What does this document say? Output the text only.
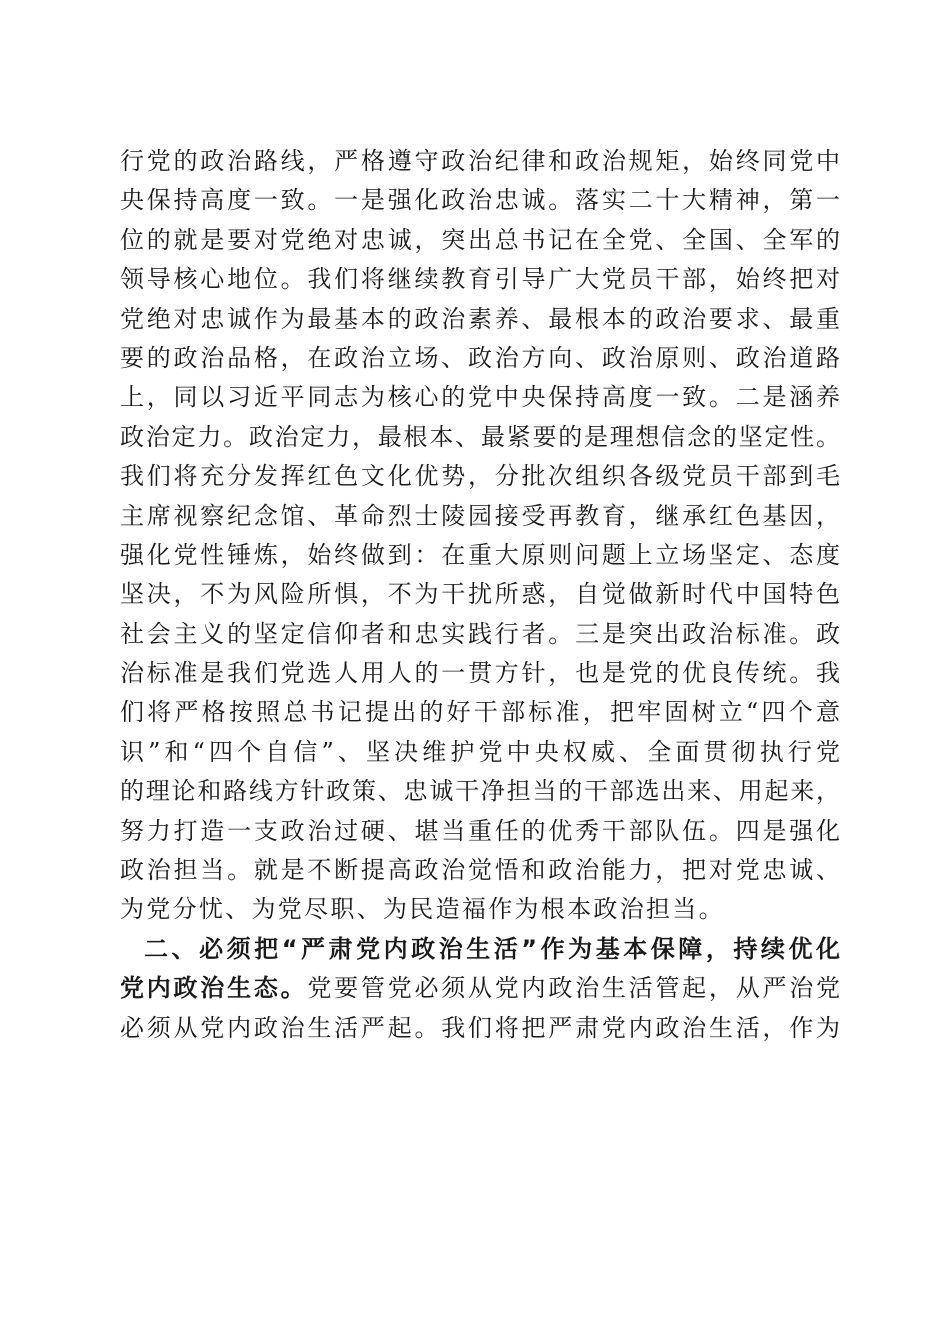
行党的政治路线，严格遵守政治纪律和政治规矩，始终同党中
央保持高度一致。一是强化政治忠诚。落实二十大精神，第一
位的就是要对党绝对忠诚，突出总书记在全党、全国、全军的
领导核心地位。我们将继续教育引导广大党员干部，始终把对
党绝对忠诚作为最基本的政治素养、最根本的政治要求、最重
要的政治品格，在政治立场、政治方向、政治原则、政治道路
上，同以习近平同志为核心的党中央保持高度一致。二是涵养
政治定力。政治定力，最根本、最紧要的是理想信念的坚定性。
我们将充分发挥红色文化优势，分批次组织各级党员干部到毛
主席视察纪念馆、革命烈士陵园接受再教育，继承红色基因，
强化党性锤炼，始终做到：在重大原则问题上立场坚定、态度
坚决，不为风险所惧，不为干扰所惑，自觉做新时代中国特色
社会主义的坚定信仰者和忠实践行者。三是突出政治标准。政
治标准是我们党选人用人的一贯方针，也是党的优良传统。我
们将严格按照总书记提出的好干部标准，把牢固树立“四个意
识”和“四个自信”、坚决维护党中央权威、全面贯彻执行党
的理论和路线方针政策、忠诚干净担当的干部选出来、用起来，
努力打造一支政治过硬、堪当重任的优秀干部队伍。四是强化
政治担当。就是不断提高政治觉悟和政治能力，把对党忠诚、
为党分忧、为党尽职、为民造福作为根本政治担当。
二、必须把“严肃党内政治生活”作为基本保障，持续优化
党内政治生态。党要管党必须从党内政治生活管起，从严治党
必须从党内政治生活严起。我们将把严肃党内政治生活，作为
